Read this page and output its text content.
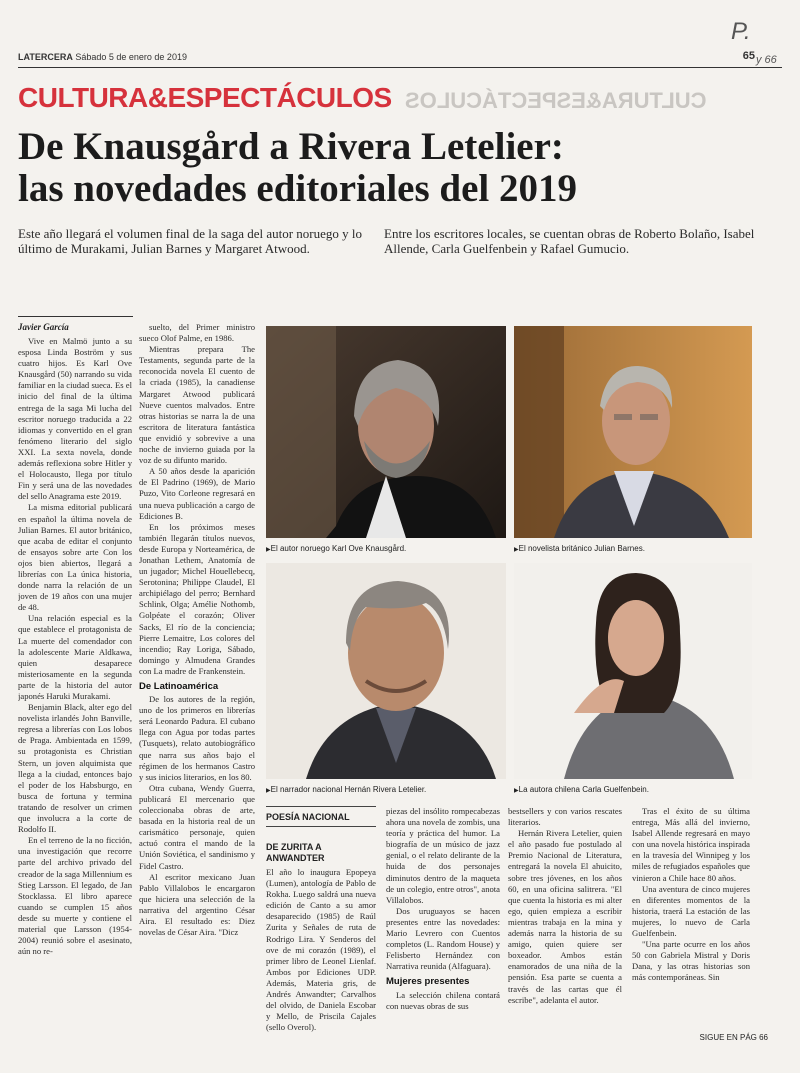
P.
y 66
LATERCERA Sábado 5 de enero de 2019	65
CULTURA&ESPECTÁCULOS
CULTURA&ESPECTÁCULOS
De Knausgård a Rivera Letelier:
las novedades editoriales del 2019
Este año llegará el volumen final de la saga del autor noruego y lo último de Murakami, Julian Barnes y Margaret Atwood.
Entre los escritores locales, se cuentan obras de Roberto Bolaño, Isabel Allende, Carla Guelfenbein y Rafael Gumucio.
Javier García

Vive en Malmö junto a su esposa Linda Boström y sus cuatro hijos. Es Karl Ove Knausgård (50) narrando su vida familiar en la ciudad sueca. Es el inicio del final de la última entrega de la saga Mi lucha del escritor noruego traducida a 22 idiomas y convertido en el gran fenómeno literario del siglo XXI. La sexta novela, donde además reflexiona sobre Hitler y el Holocausto, llega por título Fin y será una de las novedades del sello Anagrama este 2019.

La misma editorial publicará en español la última novela de Julian Barnes. El autor británico, que acaba de editar el conjunto de ensayos sobre arte Con los ojos bien abiertos, llegará a librerías con La única historia, donde narra la relación de un joven de 19 años con una mujer de 48.

Una relación especial es la que establece el protagonista de La muerte del comendador con la adolescente Marie Aldkawa, quien desaparece misteriosamente en la segunda parte de la historia del autor japonés Haruki Murakami.

Benjamin Black, alter ego del novelista irlandés John Banville, regresa a librerías con Los lobos de Praga. Ambientada en 1599, su protagonista es Christian Stern, un joven alquimista que llega a la ciudad, entonces bajo el poder de los Habsburgo, en busca de fortuna y termina tratando de resolver un crimen que involucra a la corte de Rodolfo II.

En el terreno de la no ficción, una investigación que recorre parte del archivo privado del creador de la saga Millennium es Stieg Larsson. El legado, de Jan Stocklassa. El libro aparece cuando se cumplen 15 años desde su muerte y contiene el material que Larsson (1954-2004) reunió sobre el asesinato, aún no re-

suelto, del Primer ministro sueco Olof Palme, en 1986.

Mientras prepara The Testaments, segunda parte de la reconocida novela El cuento de la criada (1985), la canadiense Margaret Atwood publicará Nueve cuentos malvados. Entre otras historias se narra la de una escritora de literatura fantástica que envidió y sobrevive a una noche de invierno guiada por la voz de su difunto marido.

A 50 años desde la aparición de El Padrino (1969), de Mario Puzo, Vito Corleone regresará en una nueva publicación a cargo de Ediciones B.

En los próximos meses también llegarán títulos nuevos, desde Europa y Norteamérica, de Jonathan Lethem, Anatomía de un jugador; Michel Houellebecq, Serotonina; Philippe Claudel, El archipiélago del perro; Bernhard Schlink, Olga; Amélie Nothomb, Golpéate el corazón; Oliver Sacks, El río de la conciencia; Pierre Lemaitre, Los colores del incendio; Ray Loriga, Sábado, domingo y Almudena Grandes con La madre de Frankenstein.

De Latinoamérica

De los autores de la región, uno de los primeros en librerías será Leonardo Padura. El cubano llega con Agua por todas partes (Tusquets), relato autobiográfico que narra sus años bajo el régimen de los hermanos Castro y sus inicios literarios, en los 80.

Otra cubana, Wendy Guerra, publicará El mercenario que coleccionaba obras de arte, basada en la historia real de un carismático personaje, quien actuó contra el mando de la Unión Soviética, el sandinismo y Fidel Castro.

Al escritor mexicano Juan Pablo Villalobos le encargaron que hiciera una selección de la narrativa del argentino César Aira. El resultado es: Diez novelas de César Aira. "Dicz

▶ El autor noruego Karl Ove Knausgård.	▶ El novelista británico Julian Barnes.
▶ El narrador nacional Hernán Rivera Letelier.	▶ La autora chilena Carla Guelfenbein.
POESÍA NACIONAL
DE ZURITA A ANWANDTER

El año lo inaugura Epopeya (Lumen), antología de Pablo de Rokha. Luego saldrá una nueva edición de Canto a su amor desaparecido (1985) de Raúl Zurita y Señales de ruta de Rodrigo Lira. Y Senderos del ove de mi corazón (1989), el primer libro de Leonel Lienlaf. Ambos por Ediciones UDP. Además, Materia gris, de Andrés Anwandter; Carvalhos del olvido, de Daniela Escobar y Mello, de Priscila Cajales (sello Overol).

piezas del insólito rompecabezas ahora una novela de zombis, una teoría y práctica del humor. La biografía de un músico de jazz genial, o el relato delirante de la huida de dos personajes diminutos dentro de la maqueta de un colegio, entre otros", anota Villalobos.

Dos uruguayos se hacen presentes entre las novedades: Mario Levrero con Cuentos completos (L. Random House) y Felisberto Hernández con Narrativa reunida (Alfaguara).

Mujeres presentes

La selección chilena contará con nuevas obras de sus

bestsellers y con varios rescates literarios.

Hernán Rivera Letelier, quien el año pasado fue postulado al Premio Nacional de Literatura, entregará la novela El ahuicito, sobre tres jóvenes, en los años 60, en una oficina salitrera. "El que cuenta la historia es mi alter ego, quien empieza a escribir mientras trabaja en la mina y además narra la historia de su amigo, quien quiere ser boxeador. Ambos están enamorados de una niña de la pensión. Esa parte se cuenta a través de las cartas que él escribe", adelanta el autor.

Tras el éxito de su última entrega, Más allá del invierno, Isabel Allende regresará en mayo con una novela histórica inspirada en la travesía del Winnipeg y los miles de refugiados españoles que vinieron a Chile hace 80 años.

Una aventura de cinco mujeres en diferentes momentos de la historia, traerá La estación de las mujeres, lo nuevo de Carla Guelfenbein.

"Una parte ocurre en los años 50 con Gabriela Mistral y Doris Dana, y las otras historias son más contemporáneas. Sin

SIGUE EN PÁG 66
